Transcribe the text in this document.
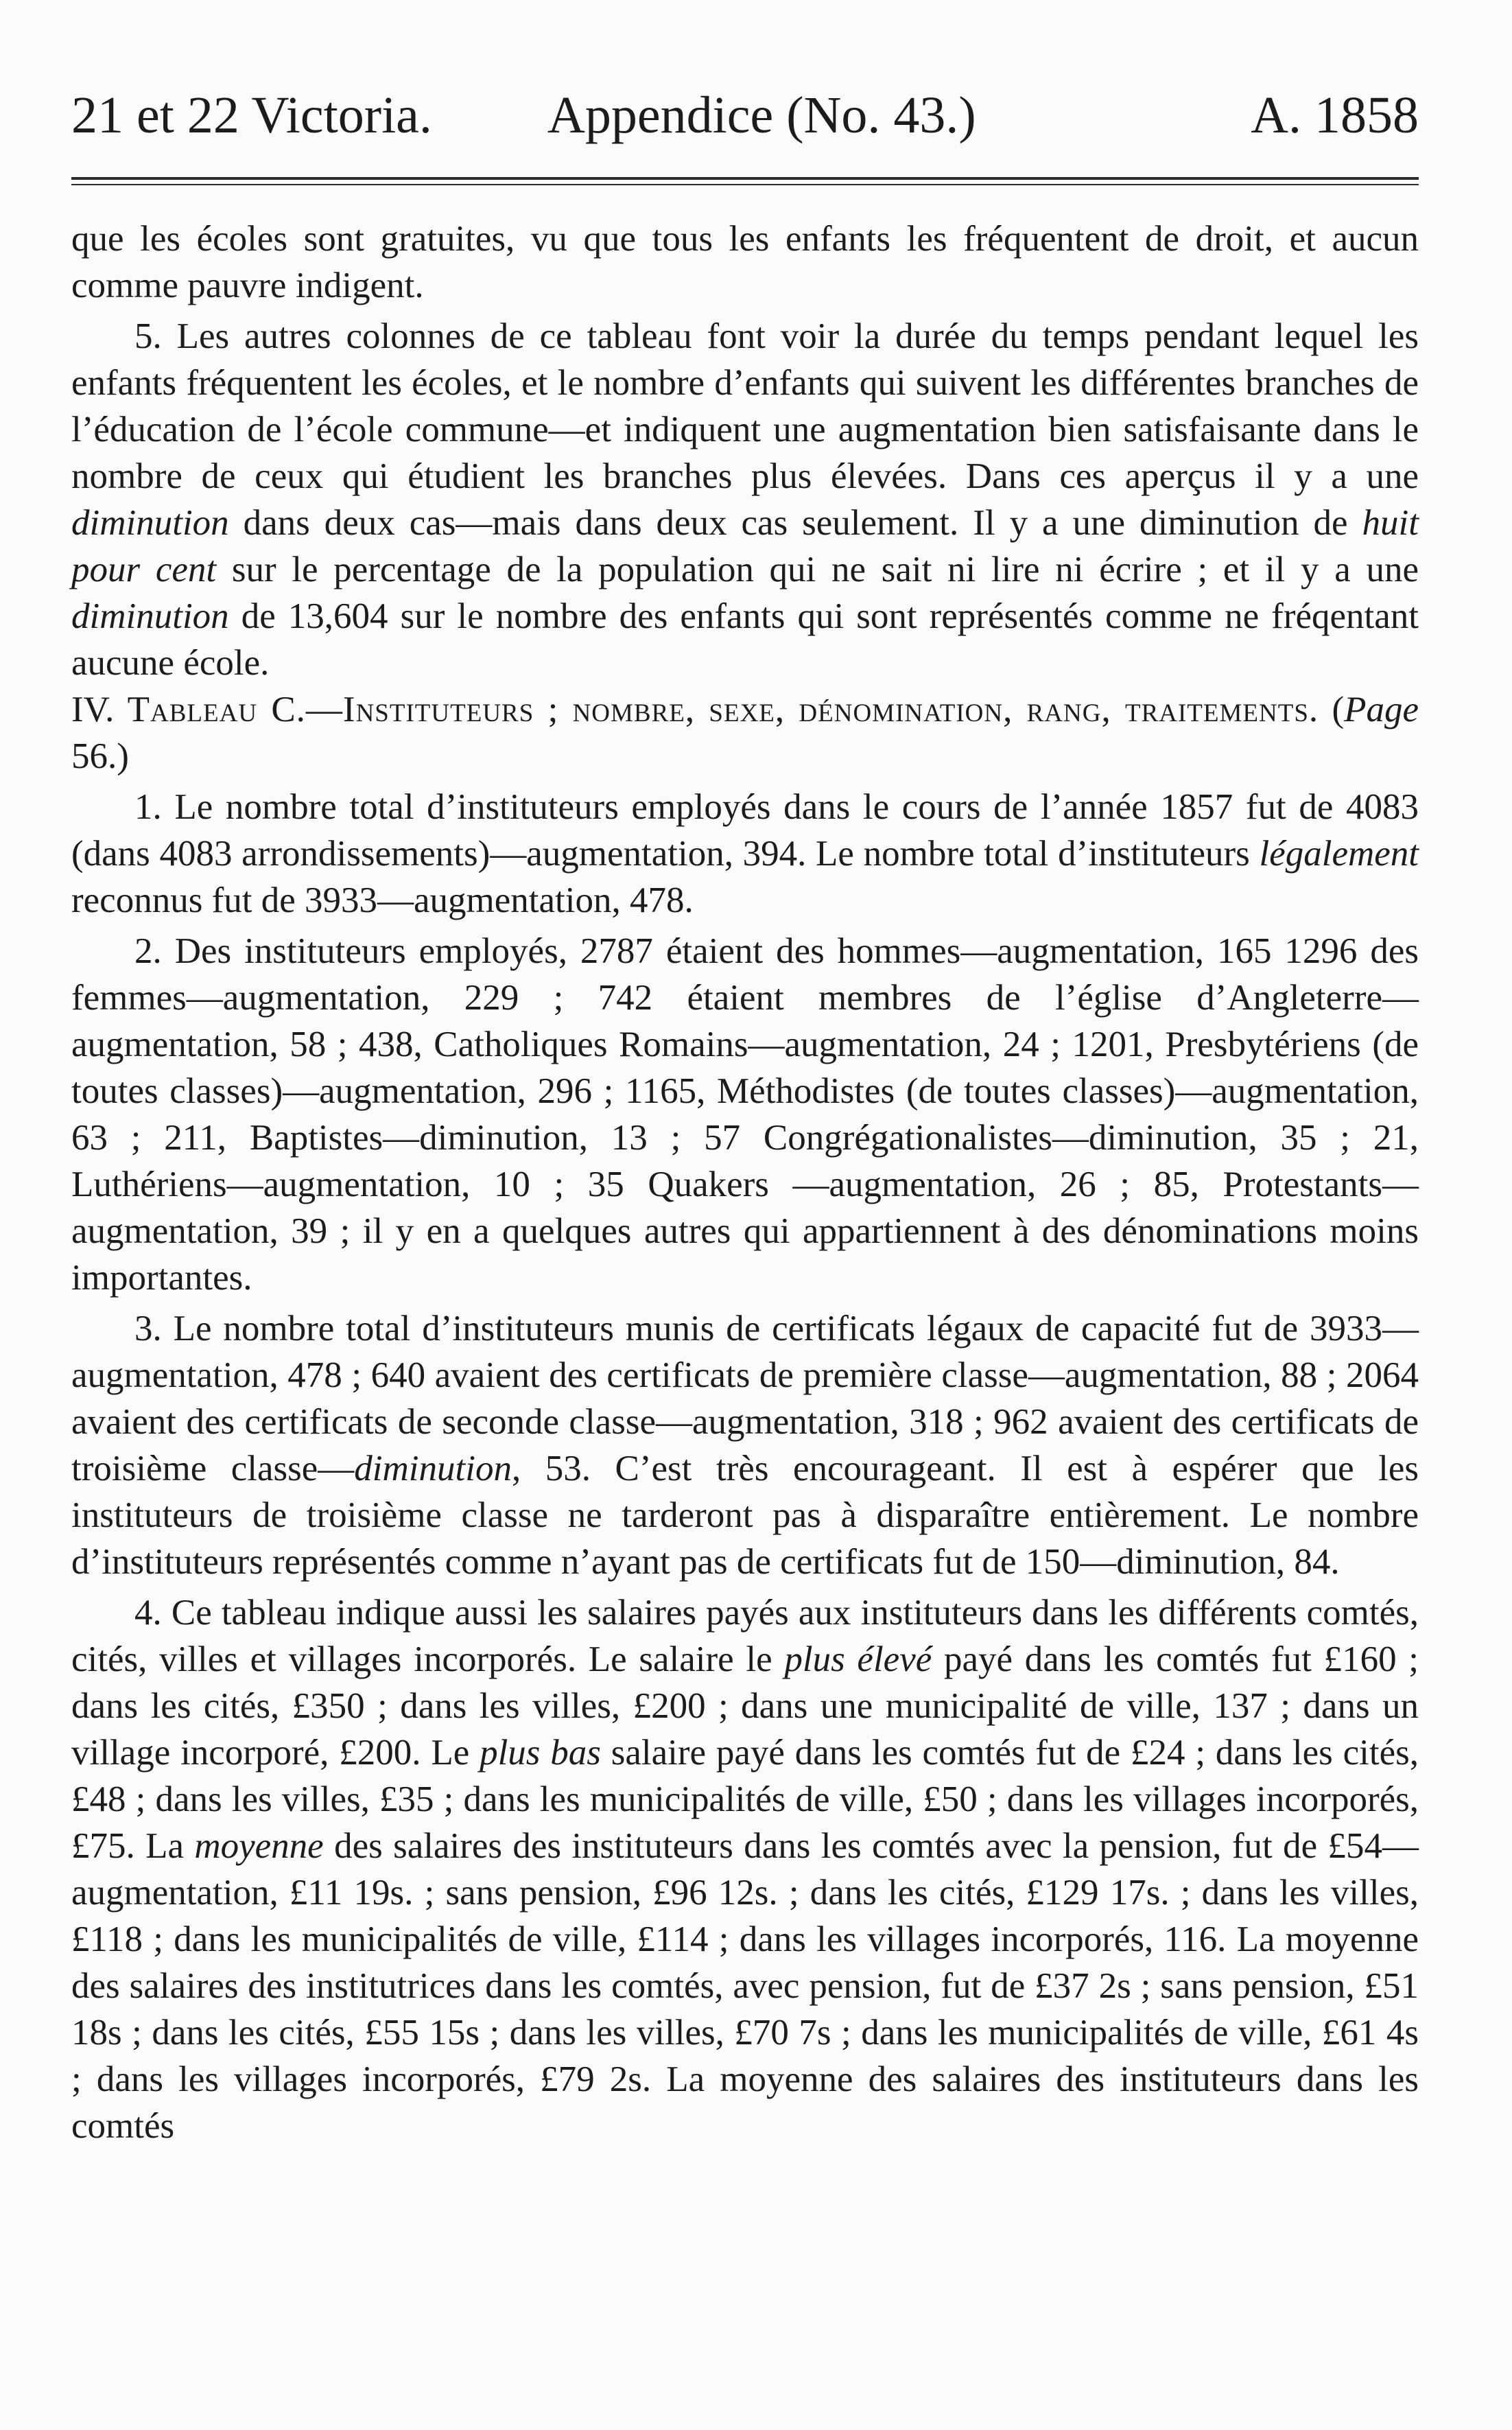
21 et 22 Victoria. Appendice (No. 43.)	A. 1858

que les écoles sont gratuites, vu que tous les enfants les fréquentent de droit, et aucun comme pauvre indigent.

5. Les autres colonnes de ce tableau font voir la durée du temps pendant lequel les enfants fréquentent les écoles, et le nombre d’enfants qui suivent les différentes branches de l’éducation de l’école commune—et indiquent une augmentation bien satisfaisante dans le nombre de ceux qui étudient les branches plus élevées. Dans ces aperçus il y a une diminution dans deux cas—mais dans deux cas seulement. Il y a une diminution de huit pour cent sur le percentage de la population qui ne sait ni lire ni écrire ; et il y a une diminution de 13,604 sur le nombre des enfants qui sont représentés comme ne fréqentant aucune école.

IV. Tableau C.—Instituteurs ; nombre, sexe, dénomination, rang, traitements. (Page 56.)

1. Le nombre total d’instituteurs employés dans le cours de l’année 1857 fut de 4083 (dans 4083 arrondissements)—augmentation, 394. Le nombre total d’instituteurs légalement reconnus fut de 3933—augmentation, 478.

2. Des instituteurs employés, 2787 étaient des hommes—augmentation, 165 1296 des femmes—augmentation, 229 ; 742 étaient membres de l’église d’Angleterre—augmentation, 58 ; 438, Catholiques Romains—augmentation, 24 ; 1201, Presbytériens (de toutes classes)—augmentation, 296 ; 1165, Méthodistes (de toutes classes)—augmentation, 63 ; 211, Baptistes—diminution, 13 ; 57 Congrégationalistes—diminution, 35 ; 21, Luthériens—augmentation, 10 ; 35 Quakers —augmentation, 26 ; 85, Protestants—augmentation, 39 ; il y en a quelques autres qui appartiennent à des dénominations moins importantes.

3. Le nombre total d’instituteurs munis de certificats légaux de capacité fut de 3933—augmentation, 478 ; 640 avaient des certificats de première classe—augmentation, 88 ; 2064 avaient des certificats de seconde classe—augmentation, 318 ; 962 avaient des certificats de troisième classe—diminution, 53. C’est très encourageant. Il est à espérer que les instituteurs de troisième classe ne tarderont pas à disparaître entièrement. Le nombre d’instituteurs représentés comme n’ayant pas de certificats fut de 150—diminution, 84.

4. Ce tableau indique aussi les salaires payés aux instituteurs dans les différents comtés, cités, villes et villages incorporés. Le salaire le plus élevé payé dans les comtés fut £160 ; dans les cités, £350 ; dans les villes, £200 ; dans une municipalité de ville, 137 ; dans un village incorporé, £200. Le plus bas salaire payé dans les comtés fut de £24 ; dans les cités, £48 ; dans les villes, £35 ; dans les municipalités de ville, £50 ; dans les villages incorporés, £75. La moyenne des salaires des instituteurs dans les comtés avec la pension, fut de £54—augmentation, £11 19s. ; sans pension, £96 12s. ; dans les cités, £129 17s. ; dans les villes, £118 ; dans les municipalités de ville, £114 ; dans les villages incorporés, 116. La moyenne des salaires des institutrices dans les comtés, avec pension, fut de £37 2s ; sans pension, £51 18s ; dans les cités, £55 15s ; dans les villes, £70 7s ; dans les municipalités de ville, £61 4s ; dans les villages incorporés, £79 2s. La moyenne des salaires des instituteurs dans les comtés
